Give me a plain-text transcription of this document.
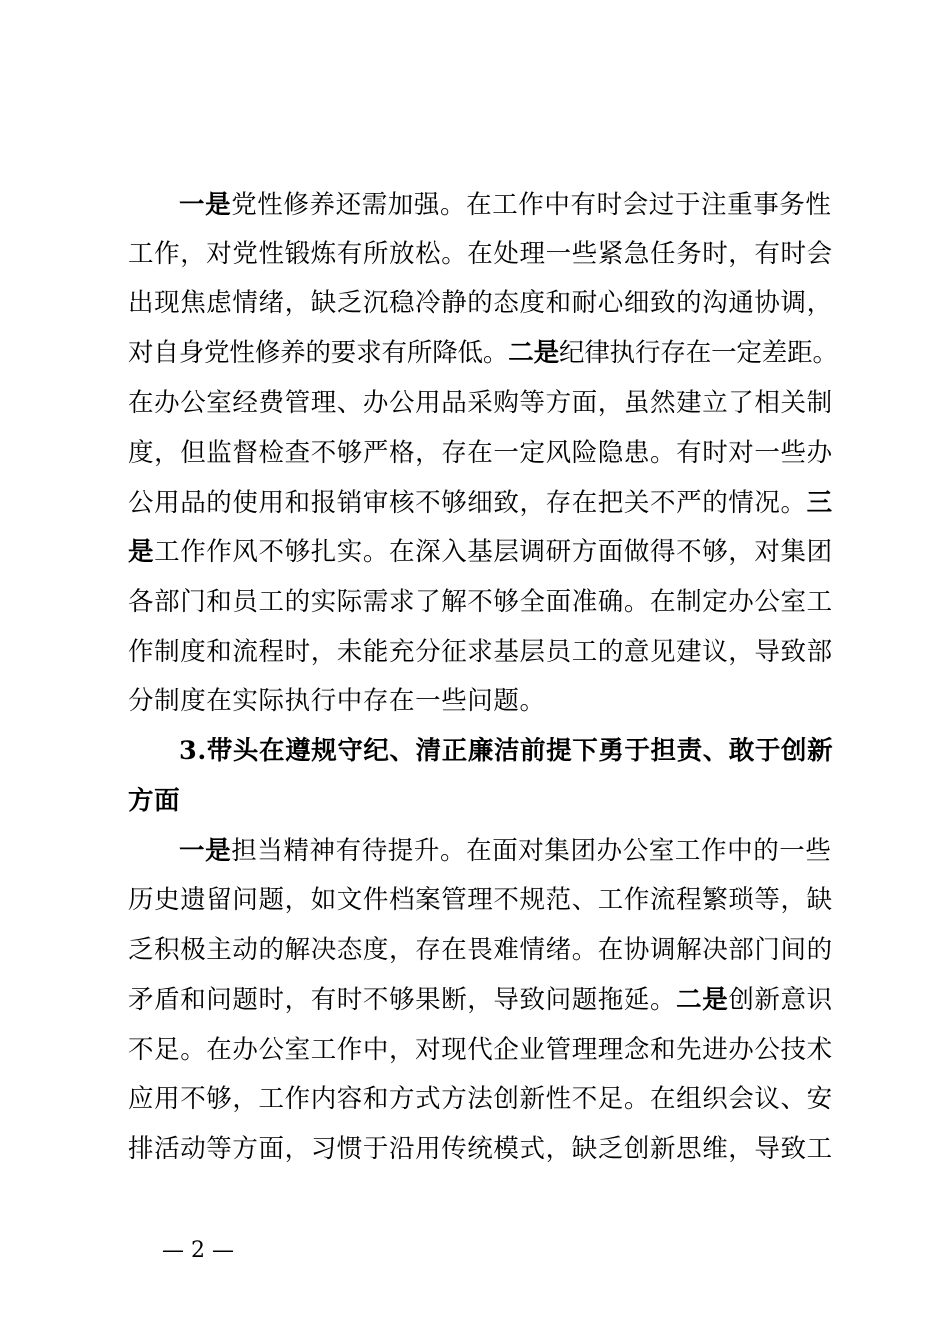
一是党性修养还需加强。在工作中有时会过于注重事务性
工作，对党性锻炼有所放松。在处理一些紧急任务时，有时会
出现焦虑情绪，缺乏沉稳冷静的态度和耐心细致的沟通协调，
对自身党性修养的要求有所降低。二是纪律执行存在一定差距。
在办公室经费管理、办公用品采购等方面，虽然建立了相关制
度，但监督检查不够严格，存在一定风险隐患。有时对一些办
公用品的使用和报销审核不够细致，存在把关不严的情况。三
是工作作风不够扎实。在深入基层调研方面做得不够，对集团
各部门和员工的实际需求了解不够全面准确。在制定办公室工
作制度和流程时，未能充分征求基层员工的意见建议，导致部
分制度在实际执行中存在一些问题。
3.带头在遵规守纪、清正廉洁前提下勇于担责、敢于创新
方面
一是担当精神有待提升。在面对集团办公室工作中的一些
历史遗留问题，如文件档案管理不规范、工作流程繁琐等，缺
乏积极主动的解决态度，存在畏难情绪。在协调解决部门间的
矛盾和问题时，有时不够果断，导致问题拖延。二是创新意识
不足。在办公室工作中，对现代企业管理理念和先进办公技术
应用不够，工作内容和方式方法创新性不足。在组织会议、安
排活动等方面，习惯于沿用传统模式，缺乏创新思维，导致工
— 2 —
